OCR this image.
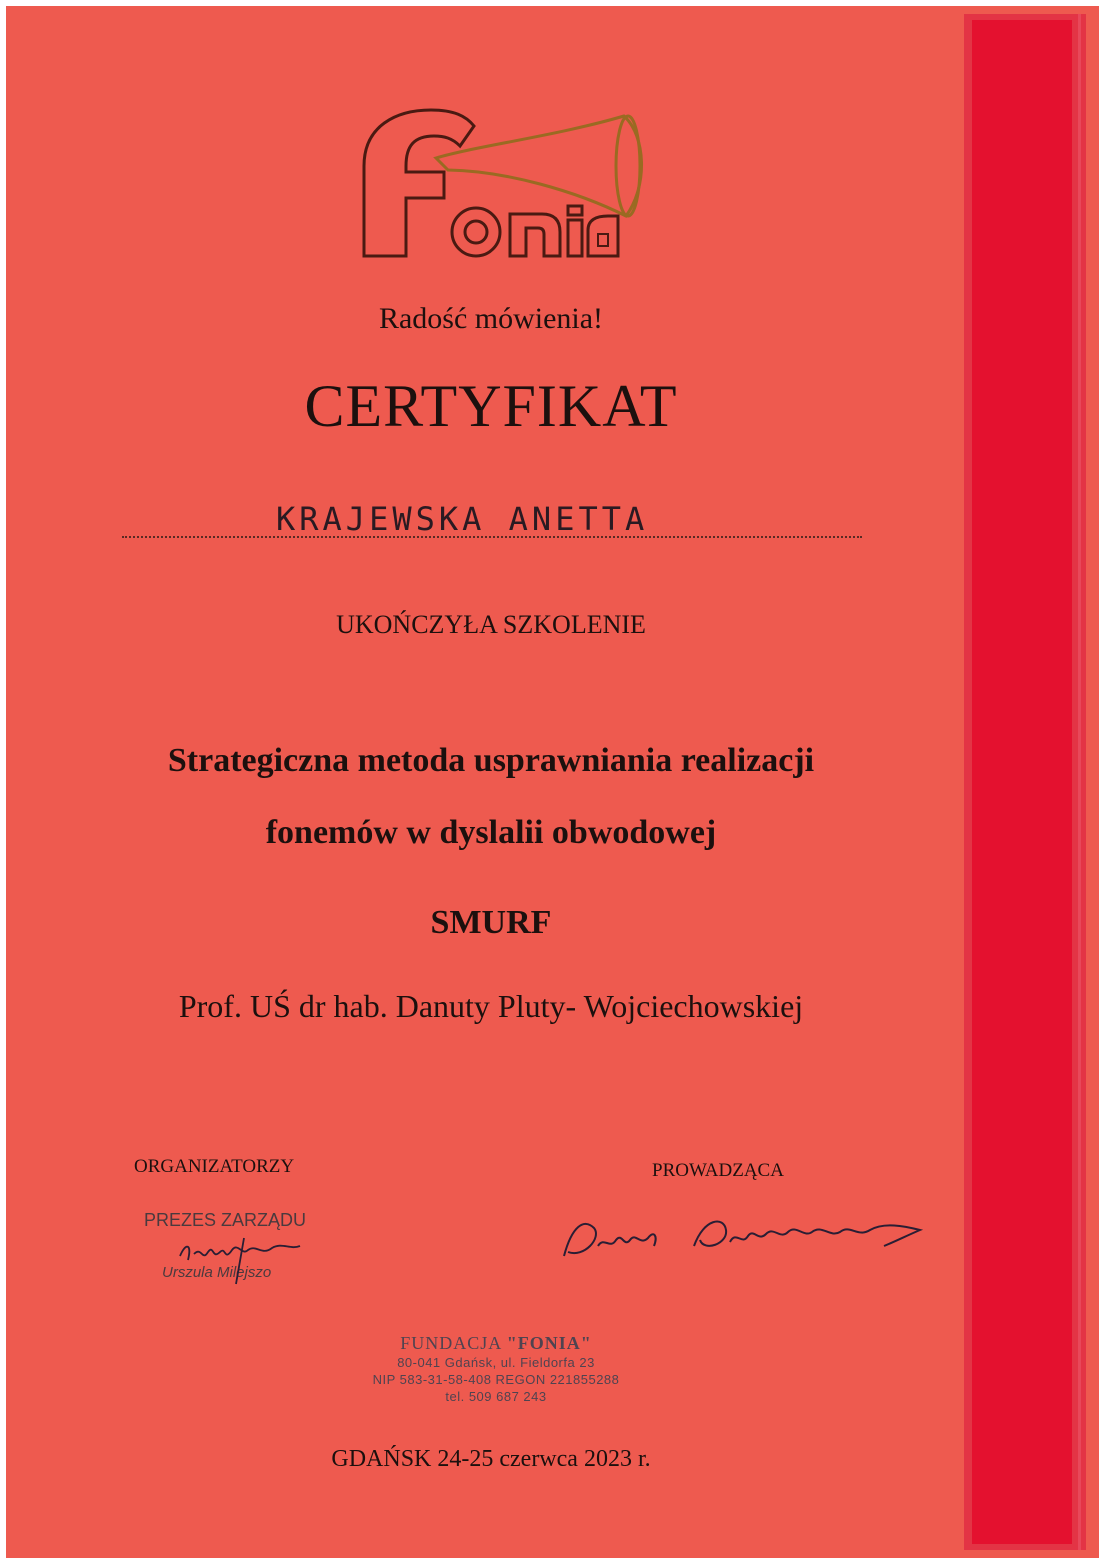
Radość mówienia!
CERTYFIKAT
KRAJEWSKA ANETTA
UKOŃCZYŁA SZKOLENIE
Strategiczna metoda usprawniania realizacji
fonemów w dyslalii obwodowej
SMURF
Prof. UŚ dr hab. Danuty Pluty- Wojciechowskiej
ORGANIZATORZY	PROWADZĄCA
PREZES ZARZĄDU
Urszula Milejszo
FUNDACJA "FONIA"
80-041 Gdańsk, ul. Fieldorfa 23
NIP 583-31-58-408 REGON 221855288
tel. 509 687 243
GDAŃSK 24-25 czerwca 2023 r.
